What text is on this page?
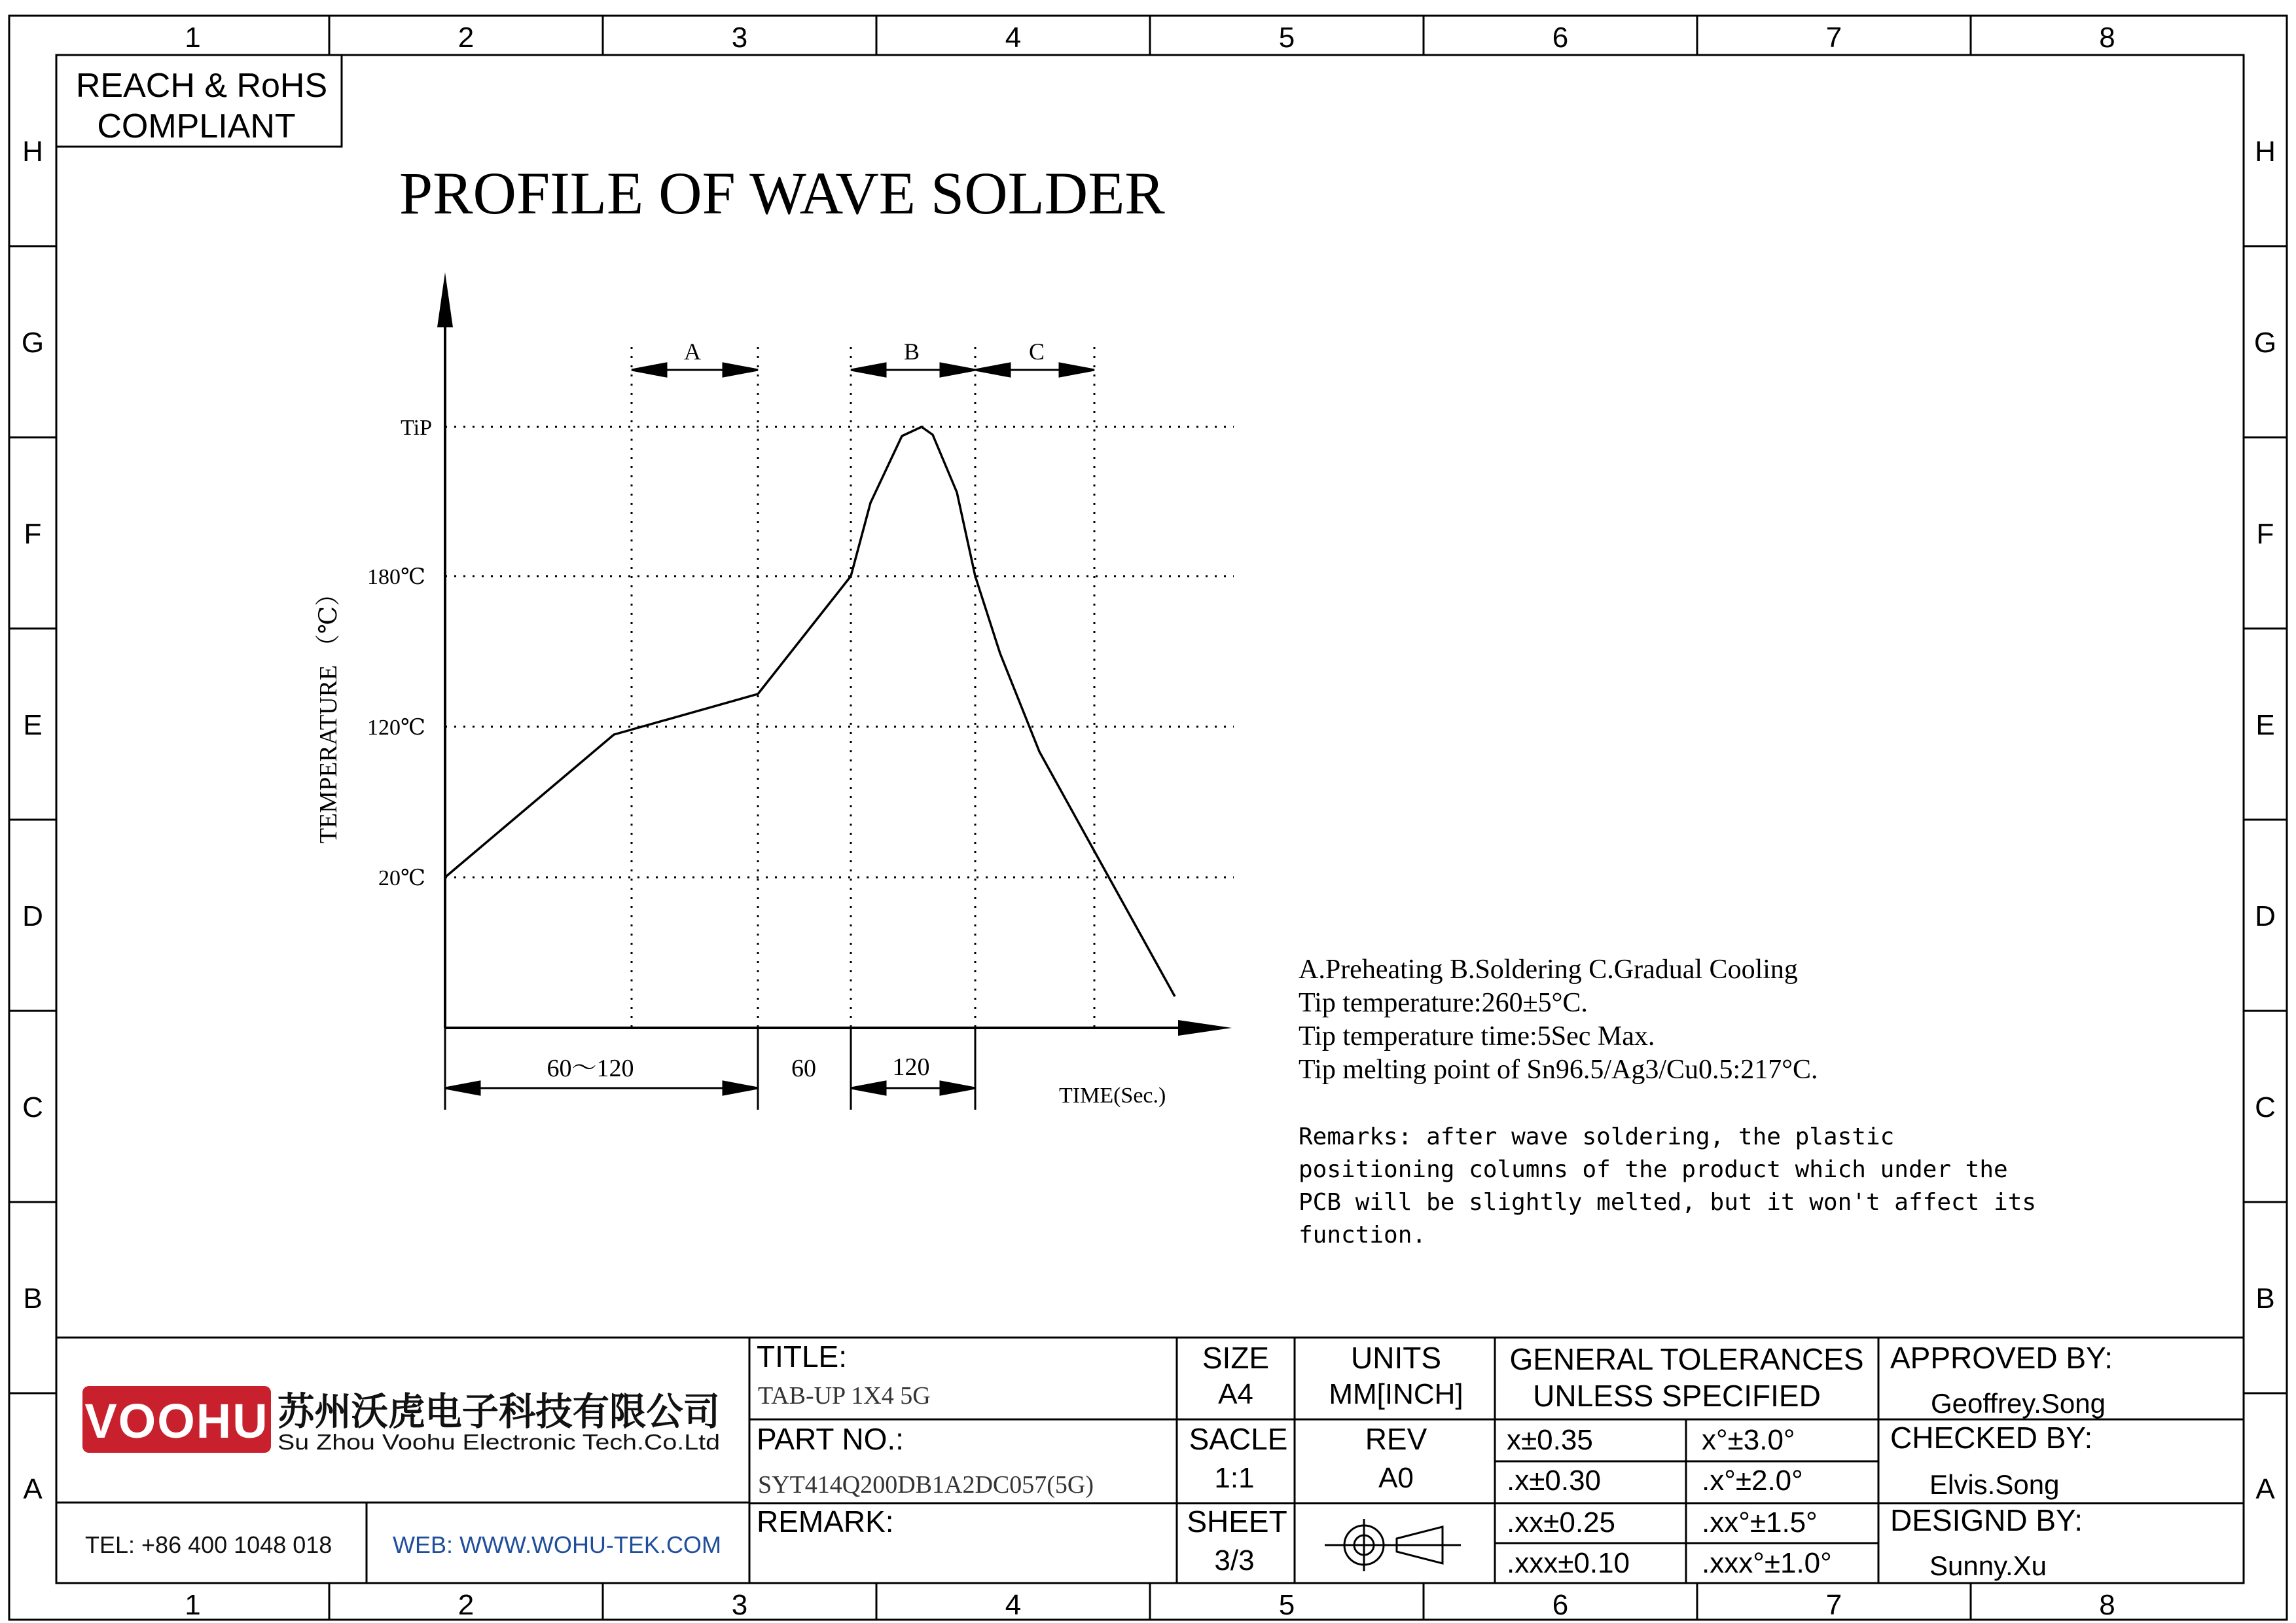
1
1
2
2
3
3
4
4
5
5
6
6
7
7
8
8
H	H
G	G
F	F
E	E
D	D
C	C
B	B
A	A
REACH & RoHS
COMPLIANT
PROFILE OF WAVE SOLDER
TiP
180℃
120℃
20℃
TEMPERATURE （℃）
A	B	C
60～120	60	120
TIME(Sec.)
A.Preheating B.Soldering C.Gradual Cooling
Tip temperature:260±5°C.
Tip temperature time:5Sec Max.
Tip melting point of Sn96.5/Ag3/Cu0.5:217°C.
Remarks: after wave soldering, the plastic
positioning columns of the product which under the
PCB will be slightly melted, but it won't affect its
function.
VOOHU 苏州沃虎电子科技有限公司
Su Zhou Voohu Electronic Tech.Co.Ltd
TEL: +86 400 1048 018	WEB: WWW.WOHU-TEK.COM
TITLE:
TAB-UP 1X4 5G
PART NO.:
SYT414Q200DB1A2DC057(5G)
REMARK:
SIZE
A4
SACLE
1:1
SHEET
3/3
UNITS
MM[INCH]
REV
A0
GENERAL TOLERANCES
UNLESS SPECIFIED
x±0.35	x°±3.0°
.x±0.30	.x°±2.0°
.xx±0.25	.xx°±1.5°
.xxx±0.10 .xxx°±1.0°
APPROVED BY:
Geoffrey.Song
CHECKED BY:
Elvis.Song
DESIGND BY:
Sunny.Xu
